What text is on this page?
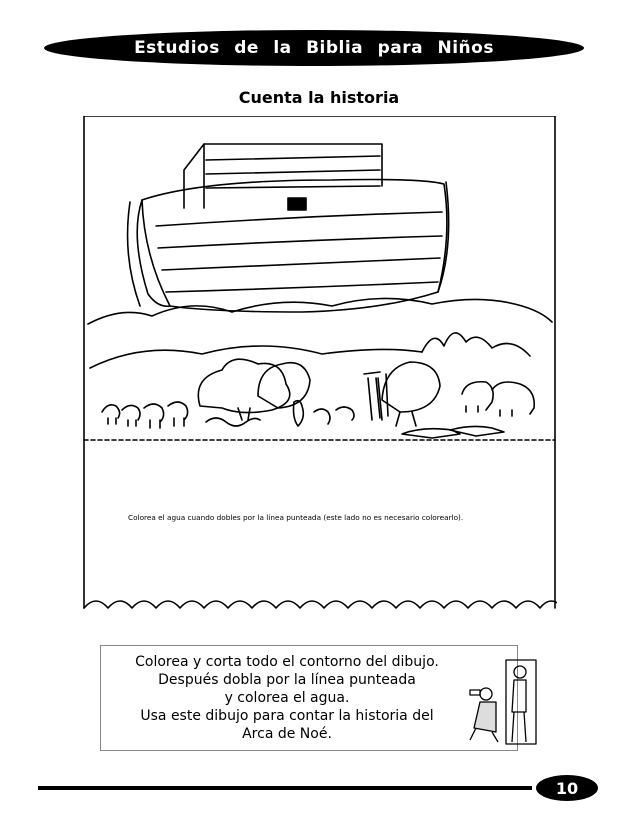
Estudios de la Biblia para Niños
Cuenta la historia
Colorea el agua cuando dobles por la línea punteada (este lado no es necesario colorearlo).
Colorea y corta todo el contorno del dibujo.
Después dobla por la línea punteada
y colorea el agua.
Usa este dibujo para contar la historia del
Arca de Noé.
10
